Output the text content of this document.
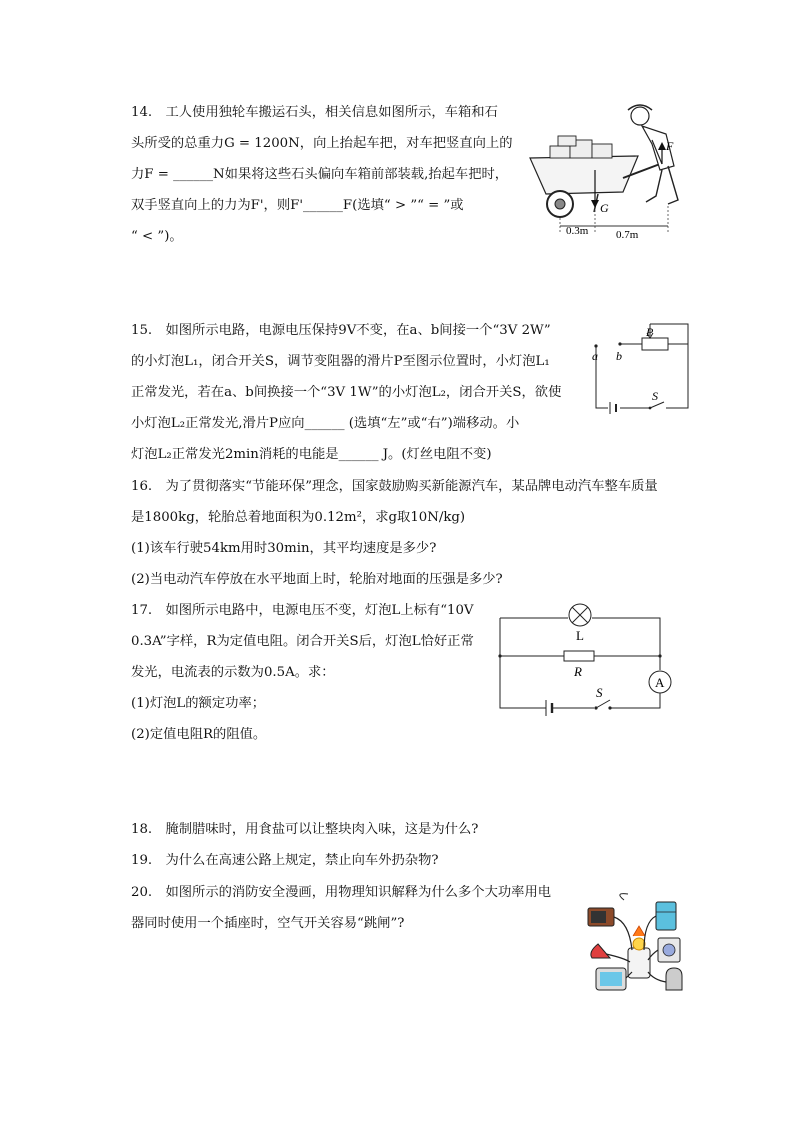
14.　工人使用独轮车搬运石头，相关信息如图所示，车箱和石
头所受的总重力G = 1200N，向上抬起车把，对车把竖直向上的
力F = ______N如果将这些石头偏向车箱前部装载,抬起车把时，
双手竖直向上的力为F'，则F'______F(选填“ > ”“ = ”或
“ < ”)。
F
G
0.3m	0.7m
15.　如图所示电路，电源电压保持9V不变，在a、b间接一个“3V 2W”
的小灯泡L₁，闭合开关S，调节变阻器的滑片P至图示位置时，小灯泡L₁
正常发光，若在a、b间换接一个“3V 1W”的小灯泡L₂，闭合开关S，欲使
小灯泡L₂正常发光,滑片P应向______ (选填“左”或“右”)端移动。小
灯泡L₂正常发光2min消耗的电能是______ J。(灯丝电阻不变)
P
a b
S
16.　为了贯彻落实“节能环保”理念，国家鼓励购买新能源汽车，某品牌电动汽车整车质量
是1800kg，轮胎总着地面积为0.12m²，求g取10N/kg)
(1)该车行驶54km用时30min，其平均速度是多少?
(2)当电动汽车停放在水平地面上时，轮胎对地面的压强是多少?
17.　如图所示电路中，电源电压不变，灯泡L上标有“10V
0.3A”字样，R为定值电阻。闭合开关S后，灯泡L恰好正常
发光，电流表的示数为0.5A。求：
(1)灯泡L的额定功率；
(2)定值电阻R的阻值。
L
R
A
S
18.　腌制腊味时，用食盐可以让整块肉入味，这是为什么?
19.　为什么在高速公路上规定，禁止向车外扔杂物?
20.　如图所示的消防安全漫画，用物理知识解释为什么多个大功率用电
器同时使用一个插座时，空气开关容易“跳闸”?
